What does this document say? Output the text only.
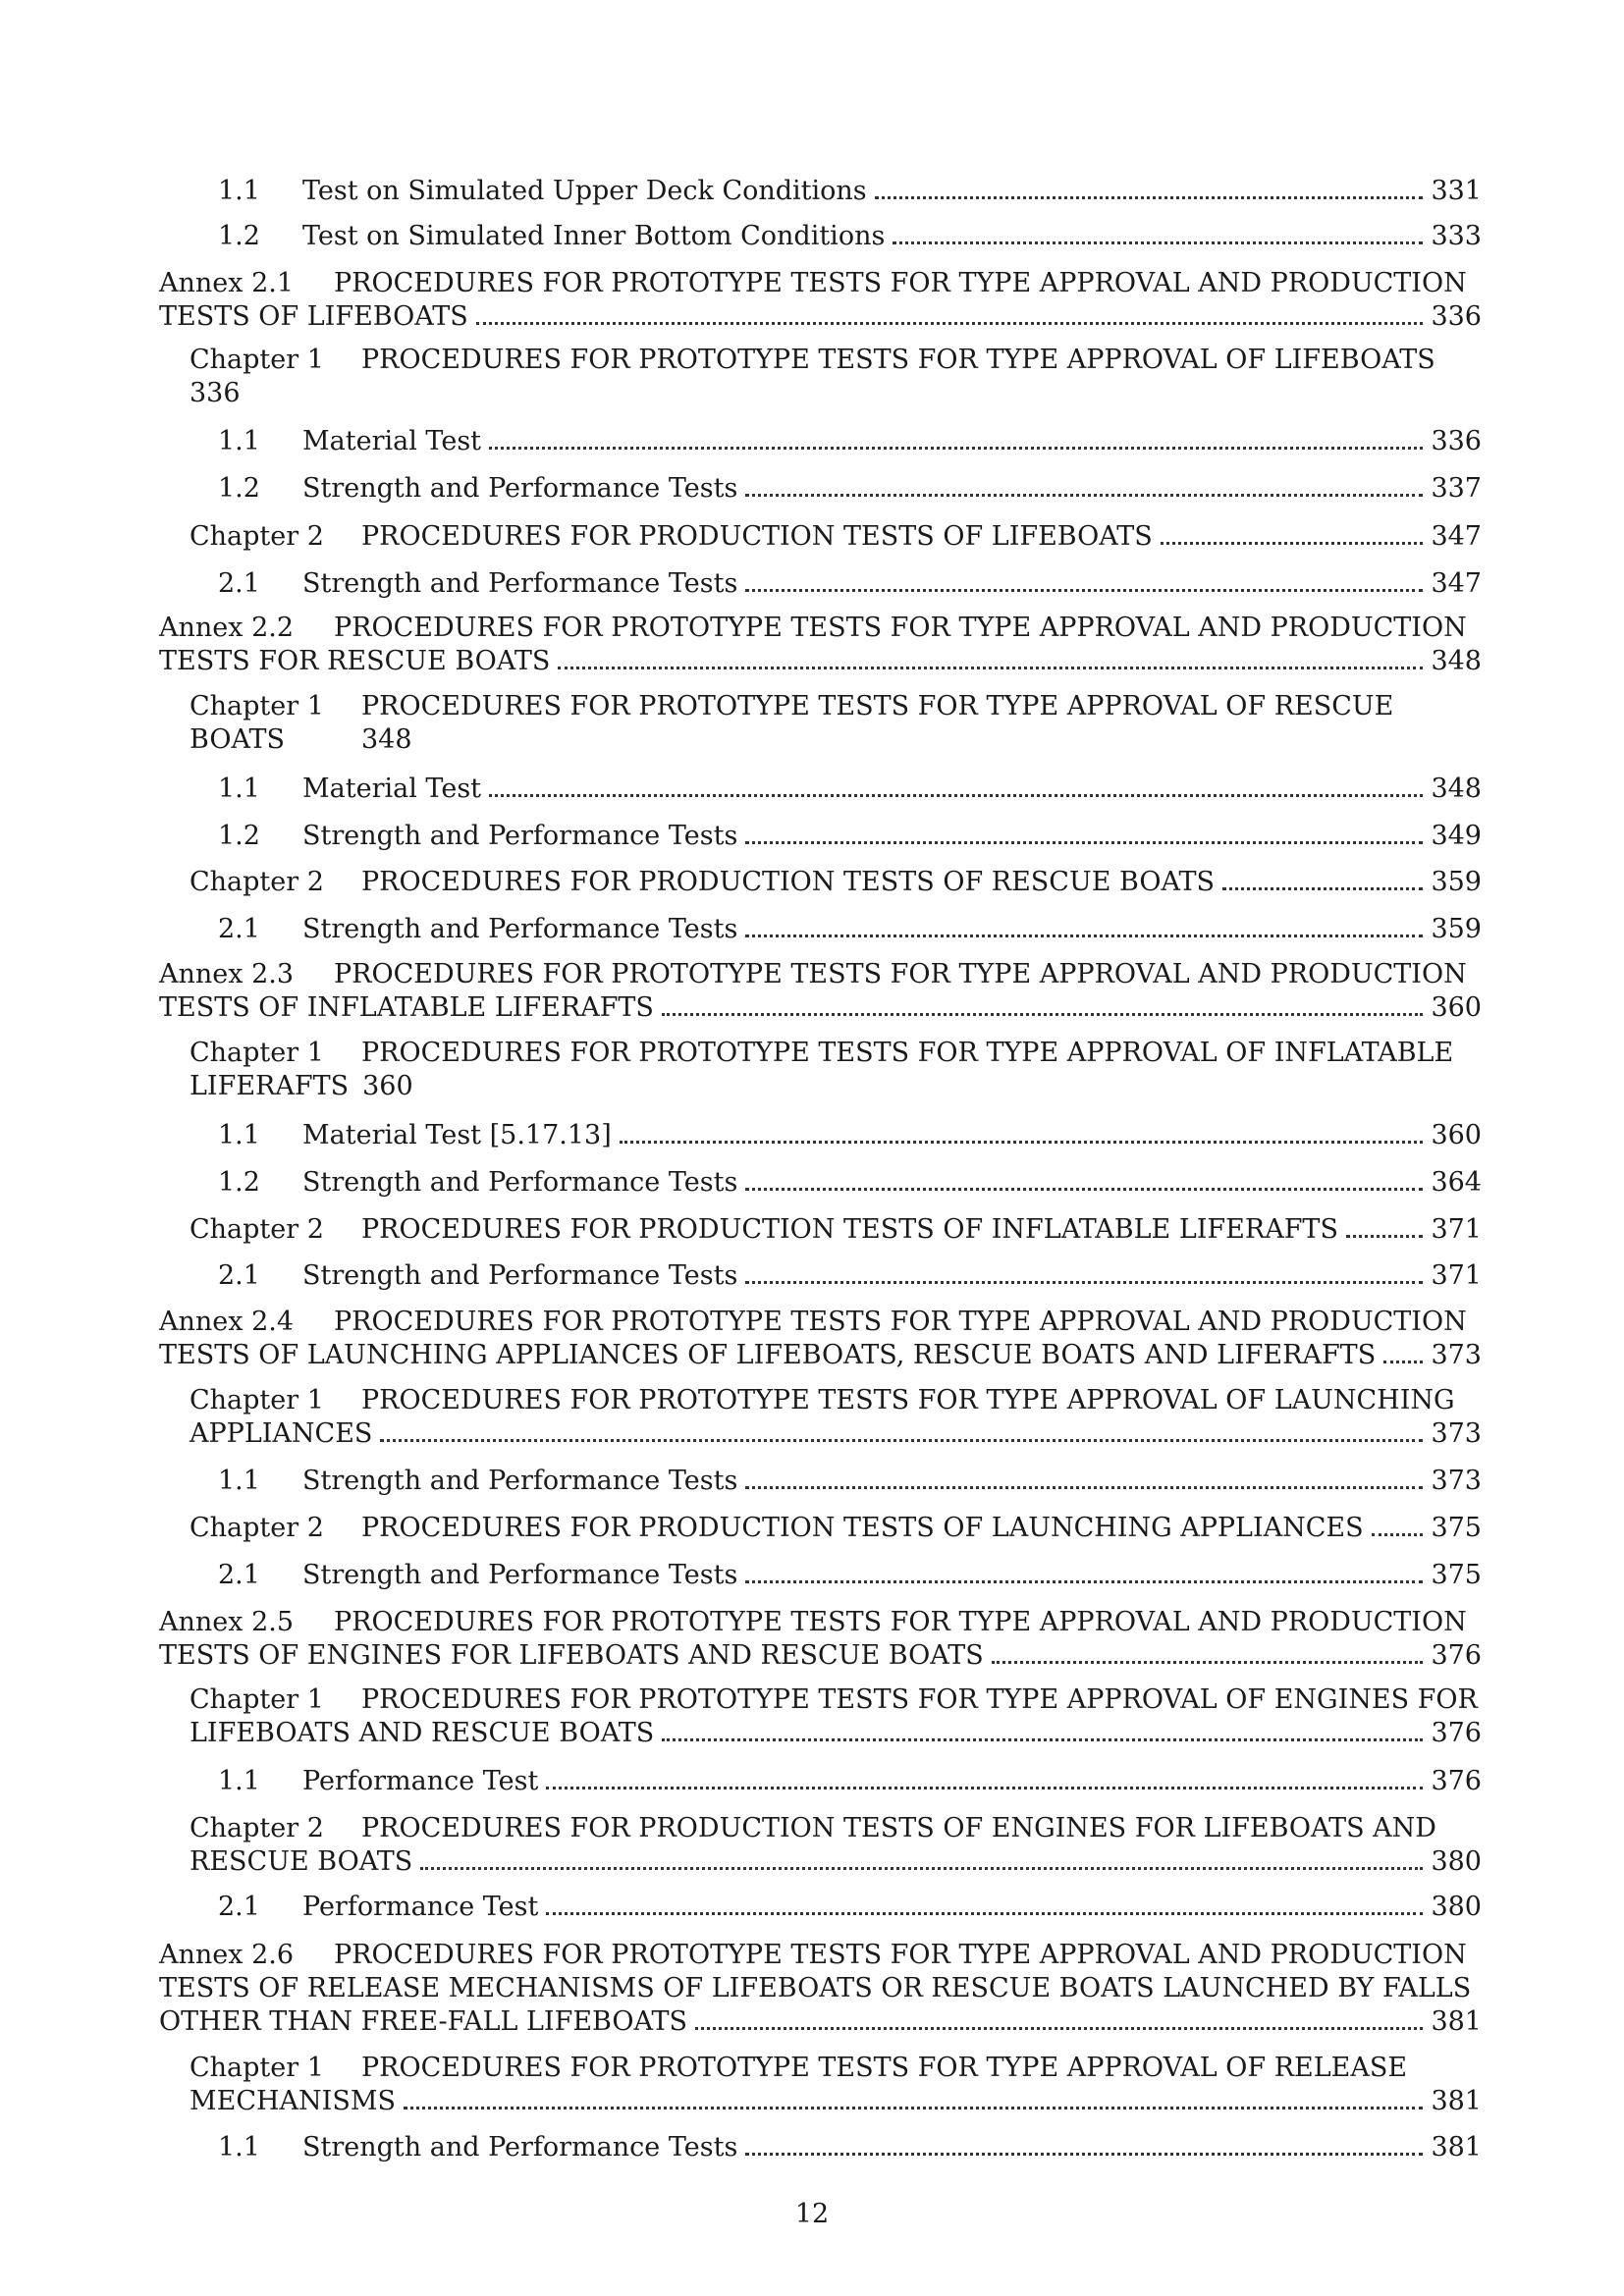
1.1 Test on Simulated Upper Deck Conditions	331
1.2 Test on Simulated Inner Bottom Conditions	333
Annex 2.1 PROCEDURES FOR PROTOTYPE TESTS FOR TYPE APPROVAL AND PRODUCTION
TESTS OF LIFEBOATS	336
Chapter 1 PROCEDURES FOR PROTOTYPE TESTS FOR TYPE APPROVAL OF LIFEBOATS
336
1.1 Material Test	336
1.2 Strength and Performance Tests	337
Chapter 2 PROCEDURES FOR PRODUCTION TESTS OF LIFEBOATS	347
2.1 Strength and Performance Tests	347
Annex 2.2 PROCEDURES FOR PROTOTYPE TESTS FOR TYPE APPROVAL AND PRODUCTION
TESTS FOR RESCUE BOATS	348
Chapter 1 PROCEDURES FOR PROTOTYPE TESTS FOR TYPE APPROVAL OF RESCUE
BOATS	348
1.1 Material Test	348
1.2 Strength and Performance Tests	349
Chapter 2 PROCEDURES FOR PRODUCTION TESTS OF RESCUE BOATS	359
2.1 Strength and Performance Tests	359
Annex 2.3 PROCEDURES FOR PROTOTYPE TESTS FOR TYPE APPROVAL AND PRODUCTION
TESTS OF INFLATABLE LIFERAFTS	360
Chapter 1 PROCEDURES FOR PROTOTYPE TESTS FOR TYPE APPROVAL OF INFLATABLE
LIFERAFTS 360
1.1 Material Test [5.17.13]	360
1.2 Strength and Performance Tests	364
Chapter 2 PROCEDURES FOR PRODUCTION TESTS OF INFLATABLE LIFERAFTS	371
2.1 Strength and Performance Tests	371
Annex 2.4 PROCEDURES FOR PROTOTYPE TESTS FOR TYPE APPROVAL AND PRODUCTION
TESTS OF LAUNCHING APPLIANCES OF LIFEBOATS, RESCUE BOATS AND LIFERAFTS 373
Chapter 1 PROCEDURES FOR PROTOTYPE TESTS FOR TYPE APPROVAL OF LAUNCHING
APPLIANCES	373
1.1 Strength and Performance Tests	373
Chapter 2 PROCEDURES FOR PRODUCTION TESTS OF LAUNCHING APPLIANCES	375
2.1 Strength and Performance Tests	375
Annex 2.5 PROCEDURES FOR PROTOTYPE TESTS FOR TYPE APPROVAL AND PRODUCTION
TESTS OF ENGINES FOR LIFEBOATS AND RESCUE BOATS	376
Chapter 1 PROCEDURES FOR PROTOTYPE TESTS FOR TYPE APPROVAL OF ENGINES FOR
LIFEBOATS AND RESCUE BOATS	376
1.1 Performance Test	376
Chapter 2 PROCEDURES FOR PRODUCTION TESTS OF ENGINES FOR LIFEBOATS AND
RESCUE BOATS	380
2.1 Performance Test	380
Annex 2.6 PROCEDURES FOR PROTOTYPE TESTS FOR TYPE APPROVAL AND PRODUCTION
TESTS OF RELEASE MECHANISMS OF LIFEBOATS OR RESCUE BOATS LAUNCHED BY FALLS
OTHER THAN FREE-FALL LIFEBOATS	381
Chapter 1 PROCEDURES FOR PROTOTYPE TESTS FOR TYPE APPROVAL OF RELEASE
MECHANISMS	381
1.1 Strength and Performance Tests	381
12
